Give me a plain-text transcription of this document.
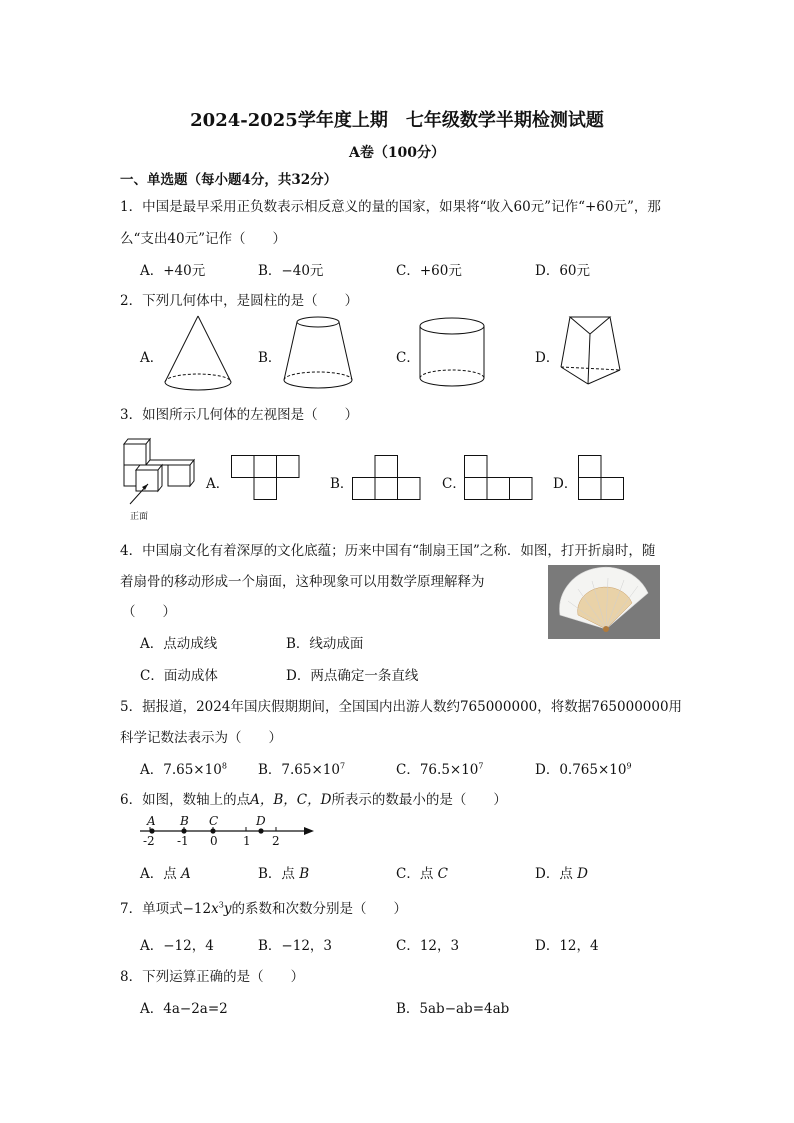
2024-2025学年度上期　七年级数学半期检测试题
A卷（100分）
一、单选题（每小题4分，共32分）
1．中国是最早采用正负数表示相反意义的量的国家，如果将“收入60元”记作“+60元”，那
么“支出40元”记作（　　）
A．+40元	B．−40元	C．+60元	D．60元
2．下列几何体中，是圆柱的是（　　）
A．	B．	C．	D．
3．如图所示几何体的左视图是（　　）
正面
A．	B．	C．	D．
4．中国扇文化有着深厚的文化底蕴；历来中国有“制扇王国”之称．如图，打开折扇时，随
着扇骨的移动形成一个扇面，这种现象可以用数学原理解释为
（　　）
A．点动成线	B．线动成面
C．面动成体	D．两点确定一条直线
5．据报道，2024年国庆假期期间，全国国内出游人数约765000000，将数据765000000用
科学记数法表示为（　　）
A．$7.65\times 10^8$ B．$7.65\times 10^7$	C．$76.5\times 10^7$	D．$0.765\times 10^9$
6．如图，数轴上的点A，B，C，D所表示的数最小的是（　　）
A B C	D
-2 -1 0 1 2
A．点 A	B．点 B	C．点 C	D．点 D
7．单项式$-12x^3y$的系数和次数分别是（　　）
A．−12，4	B．−12，3	C．12，3	D．12，4
8．下列运算正确的是（　　）
A．4a−2a=2	B．5ab−ab=4ab
